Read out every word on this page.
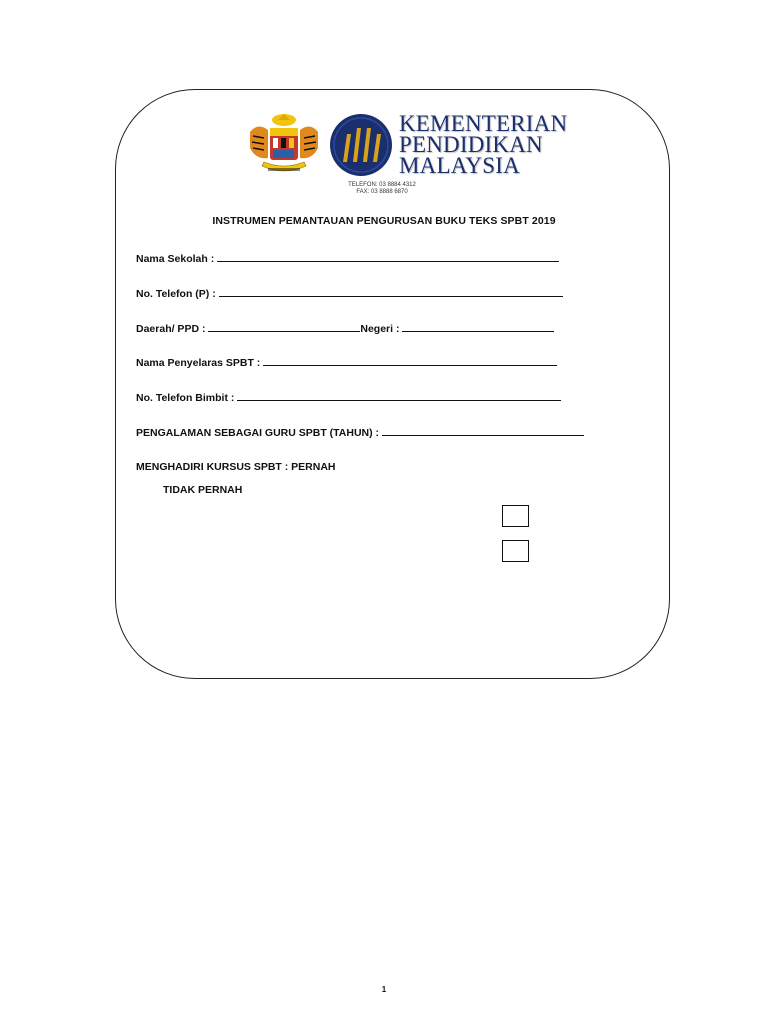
KEMENTERIAN
PENDIDIKAN
MALAYSIA
TELEFON: 03 8884 4312
FAX: 03 8888 6870
INSTRUMEN PEMANTAUAN PENGURUSAN BUKU TEKS SPBT 2019
Nama Sekolah :
No. Telefon (P) :
Daerah/ PPD :	Negeri :
Nama Penyelaras SPBT :
No. Telefon Bimbit :
PENGALAMAN SEBAGAI GURU SPBT (TAHUN) :
MENGHADIRI KURSUS SPBT : PERNAH
TIDAK PERNAH
1
